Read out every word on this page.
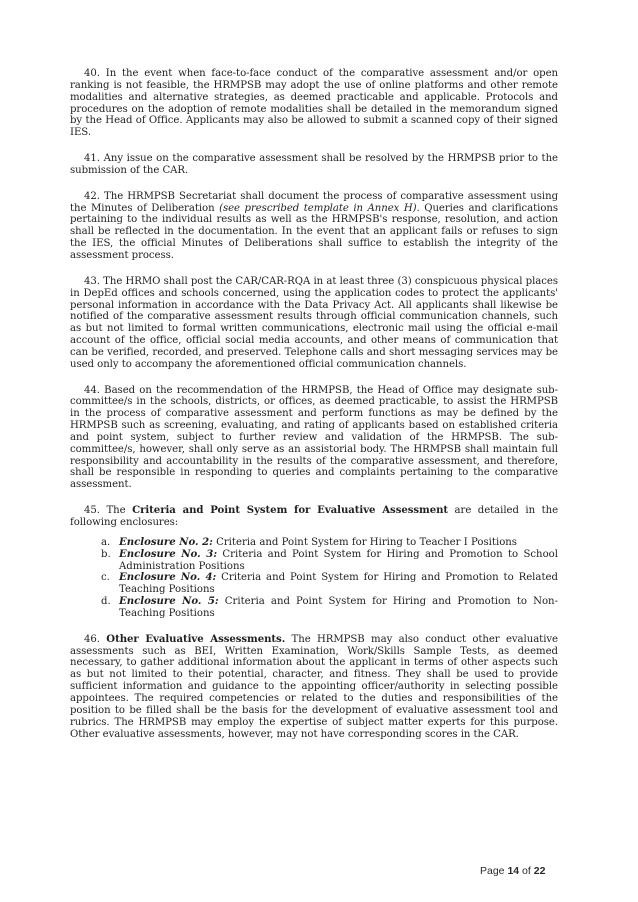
40. In the event when face-to-face conduct of the comparative assessment and/or open ranking is not feasible, the HRMPSB may adopt the use of online platforms and other remote modalities and alternative strategies, as deemed practicable and applicable. Protocols and procedures on the adoption of remote modalities shall be detailed in the memorandum signed by the Head of Office. Applicants may also be allowed to submit a scanned copy of their signed IES.

41. Any issue on the comparative assessment shall be resolved by the HRMPSB prior to the submission of the CAR.

42. The HRMPSB Secretariat shall document the process of comparative assessment using the Minutes of Deliberation (see prescribed template in Annex H). Queries and clarifications pertaining to the individual results as well as the HRMPSB's response, resolution, and action shall be reflected in the documentation. In the event that an applicant fails or refuses to sign the IES, the official Minutes of Deliberations shall suffice to establish the integrity of the assessment process.

43. The HRMO shall post the CAR/CAR-RQA in at least three (3) conspicuous physical places in DepEd offices and schools concerned, using the application codes to protect the applicants' personal information in accordance with the Data Privacy Act. All applicants shall likewise be notified of the comparative assessment results through official communication channels, such as but not limited to formal written communications, electronic mail using the official e-mail account of the office, official social media accounts, and other means of communication that can be verified, recorded, and preserved. Telephone calls and short messaging services may be used only to accompany the aforementioned official communication channels.

44. Based on the recommendation of the HRMPSB, the Head of Office may designate sub-committee/s in the schools, districts, or offices, as deemed practicable, to assist the HRMPSB in the process of comparative assessment and perform functions as may be defined by the HRMPSB such as screening, evaluating, and rating of applicants based on established criteria and point system, subject to further review and validation of the HRMPSB. The sub-committee/s, however, shall only serve as an assistorial body. The HRMPSB shall maintain full responsibility and accountability in the results of the comparative assessment, and therefore, shall be responsible in responding to queries and complaints pertaining to the comparative assessment.

45. The Criteria and Point System for Evaluative Assessment are detailed in the following enclosures:

a. Enclosure No. 2: Criteria and Point System for Hiring to Teacher I Positions
b. Enclosure No. 3: Criteria and Point System for Hiring and Promotion to School Administration Positions
c. Enclosure No. 4: Criteria and Point System for Hiring and Promotion to Related Teaching Positions
d. Enclosure No. 5: Criteria and Point System for Hiring and Promotion to Non-Teaching Positions

46. Other Evaluative Assessments. The HRMPSB may also conduct other evaluative assessments such as BEI, Written Examination, Work/Skills Sample Tests, as deemed necessary, to gather additional information about the applicant in terms of other aspects such as but not limited to their potential, character, and fitness. They shall be used to provide sufficient information and guidance to the appointing officer/authority in selecting possible appointees. The required competencies or related to the duties and responsibilities of the position to be filled shall be the basis for the development of evaluative assessment tool and rubrics. The HRMPSB may employ the expertise of subject matter experts for this purpose. Other evaluative assessments, however, may not have corresponding scores in the CAR.

Page 14 of 22
